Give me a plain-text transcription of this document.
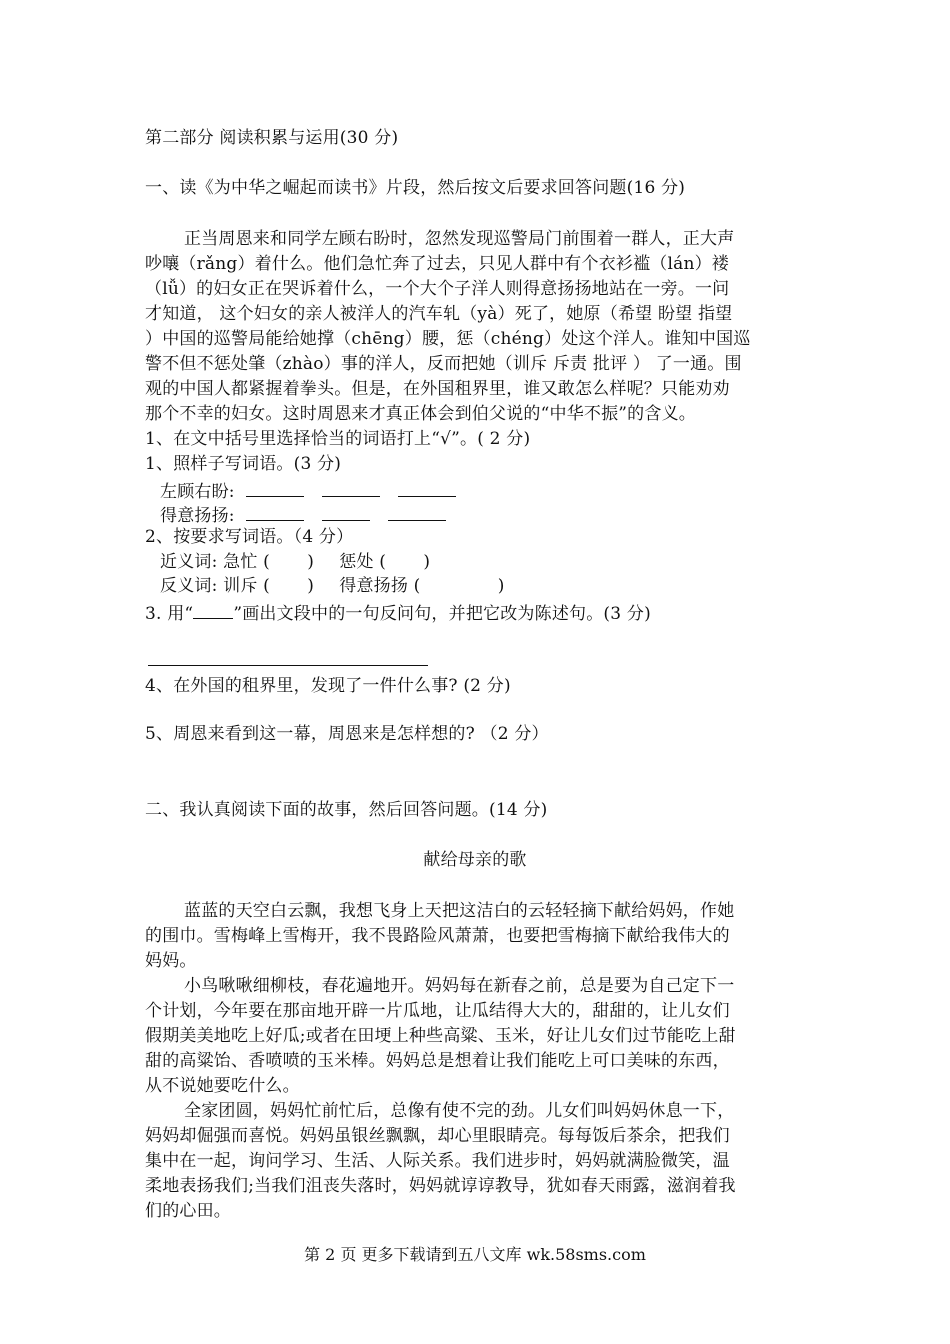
第二部分 阅读积累与运用(30 分)
一、读《为中华之崛起而读书》片段，然后按文后要求回答问题(16 分)
正当周恩来和同学左顾右盼时，忽然发现巡警局门前围着一群人，正大声
吵嚷（rǎng）着什么。他们急忙奔了过去，只见人群中有个衣衫褴（lán）褛
（lǚ）的妇女正在哭诉着什么，一个大个子洋人则得意扬扬地站在一旁。一问
才知道， 这个妇女的亲人被洋人的汽车轧（yà）死了，她原（希望 盼望 指望
）中国的巡警局能给她撑（chēng）腰，惩（chéng）处这个洋人。谁知中国巡
警不但不惩处肇（zhào）事的洋人，反而把她（训斥 斥责 批评 ） 了一通。围
观的中国人都紧握着拳头。但是，在外国租界里，谁又敢怎么样呢？只能劝劝
那个不幸的妇女。这时周恩来才真正体会到伯父说的“中华不振”的含义。
1、在文中括号里选择恰当的词语打上“√”。( 2 分)
1、照样子写词语。(3 分)
左顾右盼:
得意扬扬:
2、按要求写词语。（4 分）
近义词: 急忙 ( ) 惩处 ( )
反义词: 训斥 ( ) 得意扬扬 (	)
3. 用“ ”画出文段中的一句反问句，并把它改为陈述句。(3 分)
4、在外国的租界里，发现了一件什么事? (2 分)
5、周恩来看到这一幕，周恩来是怎样想的? （2 分）
二、我认真阅读下面的故事，然后回答问题。(14 分)
献给母亲的歌
蓝蓝的天空白云飘，我想飞身上天把这洁白的云轻轻摘下献给妈妈，作她
的围巾。雪梅峰上雪梅开，我不畏路险风萧萧，也要把雪梅摘下献给我伟大的
妈妈。
小鸟啾啾细柳枝，春花遍地开。妈妈每在新春之前，总是要为自己定下一
个计划，今年要在那亩地开辟一片瓜地，让瓜结得大大的，甜甜的，让儿女们
假期美美地吃上好瓜;或者在田埂上种些高粱、玉米，好让儿女们过节能吃上甜
甜的高粱饴、香喷喷的玉米棒。妈妈总是想着让我们能吃上可口美味的东西，
从不说她要吃什么。
全家团圆，妈妈忙前忙后，总像有使不完的劲。儿女们叫妈妈休息一下，
妈妈却倔强而喜悦。妈妈虽银丝飘飘，却心里眼睛亮。每每饭后茶余，把我们
集中在一起，询问学习、生活、人际关系。我们进步时，妈妈就满脸微笑，温
柔地表扬我们;当我们沮丧失落时，妈妈就谆谆教导，犹如春天雨露，滋润着我
们的心田。
第 2 页 更多下载请到五八文库 wk.58sms.com
